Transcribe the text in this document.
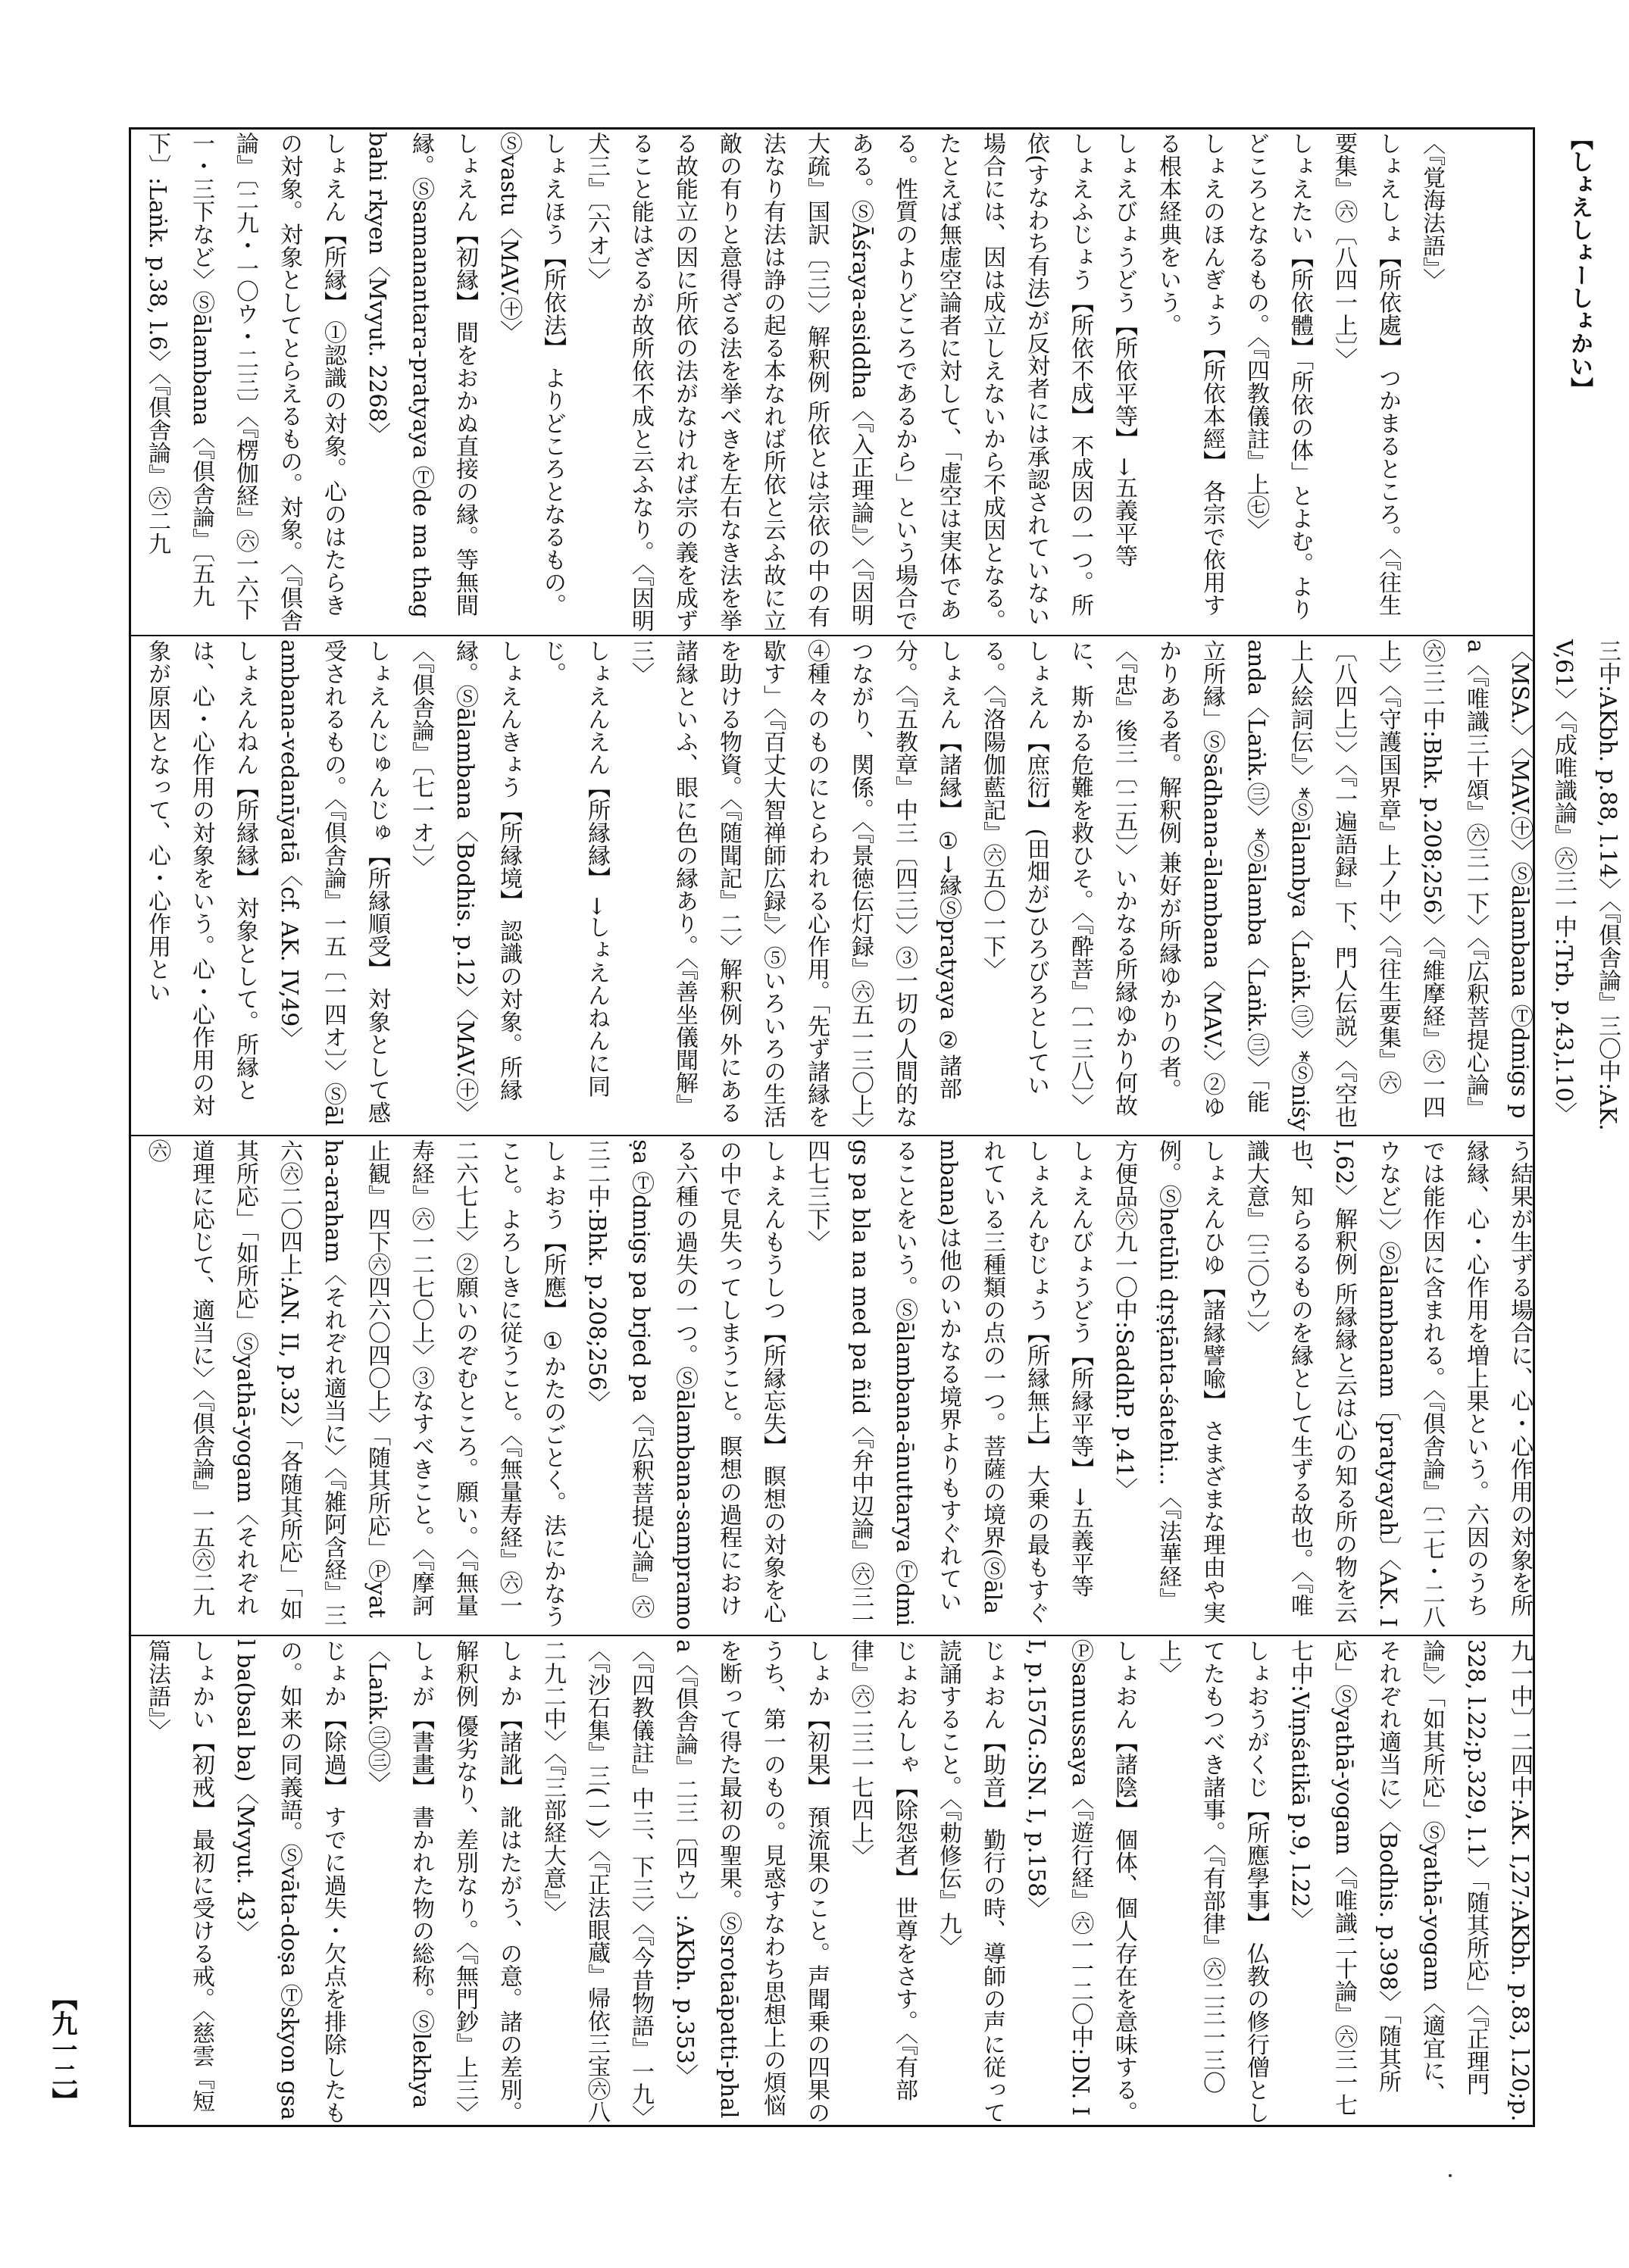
〈『覚海法語』〉

しょえしょ【所依處】 つかまるところ。〈『往生要集』㊅〔八四一上〕〉

しょえたい【所依體】「所依の体」とよむ。よりどころとなるもの。〈『四教儀註』上㊆〉

しょえのほんぎょう【所依本經】 各宗で依用する根本経典をいう。

しょえびょうどう【所依平等】 →五義平等

しょえふじょう【所依不成】 不成因の一つ。所依(すなわち有法)が反対者には承認されていない場合には、因は成立しえないから不成因となる。たとえば無虚空論者に対して、「虚空は実体である。性質のよりどころであるから」という場合である。ⓈĀśraya-asiddha〈『入正理論』〉〈『因明大疏』国訳〔三〕〉解釈例 所依とは宗依の中の有法なり有法は諍の起る本なれば所依と云ふ故に立敵の有りと意得ざる法を挙べきを左右なき法を挙る故能立の因に所依の法がなければ宗の義を成ずること能はざるが故所依不成と云ふなり。〈『因明犬三』〔六オ〕〉

しょえほう【所依法】 よりどころとなるもの。Ⓢvastu〈MAV.㊉〉

しょえん【初縁】 間をおかぬ直接の縁。等無間縁。Ⓢsamanantara-pratyaya Ⓣde ma thag bahi rkyen〈Mvyut. 2268〉

しょえん【所縁】 ①認識の対象。心のはたらきの対象。対象としてとらえるもの。対象。〈『倶舎論』〔二九・一〇ウ・二三〕〈『楞伽経』㊅一六下一・三下など〉Ⓢālambana〈『倶舎論』〔五九下〕:Laṅk. p.38, l.6〉〈『倶舎論』㊅二九

三中:AKbh. p.88, l.14〉〈『倶舎論』三〇中:AK. V,61〉〈『成唯識論』㊅三一中:Trb. p.43,l.10〉〈MSA.〉〈MAV.㊉〉Ⓢālambana Ⓣdmigs pa〈『唯識三十頌』㊅三一下〉〈『広釈菩提心論』㊅三二中:Bhk. p.208;256〉〈『維摩経』㊅一四上〉〈『守護国界章』上ノ中〉〈『往生要集』㊅〔八四上〕〉〈『一遍語録』下、門人伝説〉〈『空也上人絵詞伝』〉*Ⓢālambya〈Laṅk.㊂〉*Ⓢniśyanda〈Laṅk.㊂〉*Ⓢālamba〈Laṅk.㊂〉「能立所縁」Ⓢsādhana-ālambana〈MAV.〉②ゆかりある者。解釈例 兼好が所縁ゆかりの者。〈『忠』後三〔二五〕〉いかなる所縁ゆかり何故に、斯かる危難を救ひそ。〈『酔菩』〔一三八〕〉

しょえん【庶衍】 (田畑が)ひろびろとしている。〈『洛陽伽藍記』㊅五〇一下〉

しょえん【諸縁】 ①→縁Ⓢpratyaya ②諸部分。〈『五教章』中三〔四三〕〉③一切の人間的なつながり、関係。〈『景徳伝灯録』㊅五一三〇上〉④種々のものにとらわれる心作用。「先ず諸縁を歇す」〈『百丈大智禅師広録』〉⑤いろいろの生活を助ける物資。〈『随聞記』二〉解釈例 外にある諸縁といふ、眼に色の縁あり。〈『善坐儀聞解』三〉

しょえんえん【所縁縁】 →しょえんねんに同じ。

しょえんきょう【所縁境】 認識の対象。所縁縁。Ⓢālambana〈Bodhis. p.12〉〈MAV.㊉〉〈『倶舎論』〔七一オ〕〉

しょえんじゅんじゅ【所縁順受】 対象として感受されるもの。〈『倶舎論』一五〔一四オ〕〉Ⓢālambana-vedanīyatā〈cf. AK. IV,49〉

しょえんねん【所縁縁】 対象として。所縁とは、心・心作用の対象をいう。心・心作用の対象が原因となって、心・心作用とい

う結果が生ずる場合に、心・心作用の対象を所縁縁、心・心作用を増上果という。六因のうちでは能作因に含まれる。〈『倶舎論』〔二七・二八ウなど〕〉Ⓢālambanam〔pratyayah〕〈AK. II,62〉解釈例 所縁縁と云は心の知る所の物を云也、知らるるものを縁として生ずる故也。〈『唯識大意』〔三〇ウ〕〉

しょえんひゆ【諸縁譬喩】 さまざまな理由や実例。Ⓢhetūhi dṛṣṭānta-śatehi…〈『法華経』方便品㊅九一〇中:SaddhP. p.41〉

しょえんびょうどう【所縁平等】 →五義平等

しょえんむじょう【所縁無上】 大乗の最もすぐれている三種類の点の一つ。菩薩の境界(Ⓢālambana)は他のいかなる境界よりもすぐれていることをいう。Ⓢālambana-ānuttarya Ⓣdmigs pa bla na med pa ñid〈『弁中辺論』㊅三一四七三下〉

しょえんもうしつ【所縁忘失】 瞑想の対象を心の中で見失ってしまうこと。瞑想の過程における六種の過失の一つ。Ⓢālambana-sampramoṣa Ⓣdmigs pa brjed pa〈『広釈菩提心論』㊅三二中:Bhk. p.208;256〉

しょおう【所應】 ①かたのごとく。法にかなうこと。よろしきに従うこと。〈『無量寿経』㊅一二六七上〉②願いのぞむところ。願い。〈『無量寿経』㊅一二七〇上〉③なすべきこと。〈『摩訶止観』四下㊅四六〇四〇上〉「随其所応」Ⓟyatha-araham〈それぞれ適当に〉〈『雑阿含経』三六㊅二〇四上:AN. II, p.32〉「各随其所応」「如其所応」「如所応」Ⓢyathā-yogam〈それぞれ道理に応じて、適当に〉〈『倶舎論』一五㊅二九㊅

九一中〕二四中:AK. I,27:AKbh. p.83, l.20;p.328, l.22;p.329, l.1〉「随其所応」〈『正理門論』〉「如其所応」Ⓢyathā-yogam〈適宜に、それぞれ適当に〉〈Bodhis. p.398〉「随其所応」Ⓢyathā-yogam〈『唯識二十論』㊅三一七七中:Viṃśatikā p.9, l.22〉

しょおうがくじ【所應學事】 仏教の修行僧としてたもつべき諸事。〈『有部律』㊅二三一三〇上〉

しょおん【諸陰】 個体、個人存在を意味する。Ⓟsamussaya〈『遊行経』㊅一一二〇中:DN. II, p.157G.:SN. I, p.158〉

じょおん【助音】 勤行の時、導師の声に従って読誦すること。〈『勅修伝』九〉

じょおんしゃ【除怨者】 世尊をさす。〈『有部律』㊅二三一七四上〉

しょか【初果】 預流果のこと。声聞乗の四果のうち、第一のもの。見惑すなわち思想上の煩悩を断って得た最初の聖果。Ⓢsrotaāpatti-phala〈『倶舎論』二三〔四ウ〕:AKbh. p.353〉〈『四教儀註』中三、下三〉〈『今昔物語』一九〉〈『沙石集』三(一)〉〈『正法眼蔵』帰依三宝㊅八二九二中〉〈『三部経大意』〉

しょか【諸訛】 訛はたがう、の意。諸の差別。解釈例 優劣なり、差別なり。〈『無門鈔』上三〉

しょが【書畫】 書かれた物の総称。Ⓢlekhya〈Laṅk.㊂㊂〉

じょか【除過】 すでに過失・欠点を排除したもの。如来の同義語。Ⓢvāta-doṣa Ⓣskyon gsal ba(bsal ba)〈Mvyut. 43〉

しょかい【初戒】 最初に受ける戒。〈慈雲『短篇法語』〉

【しょえしょーしょかい】
【九一二】
